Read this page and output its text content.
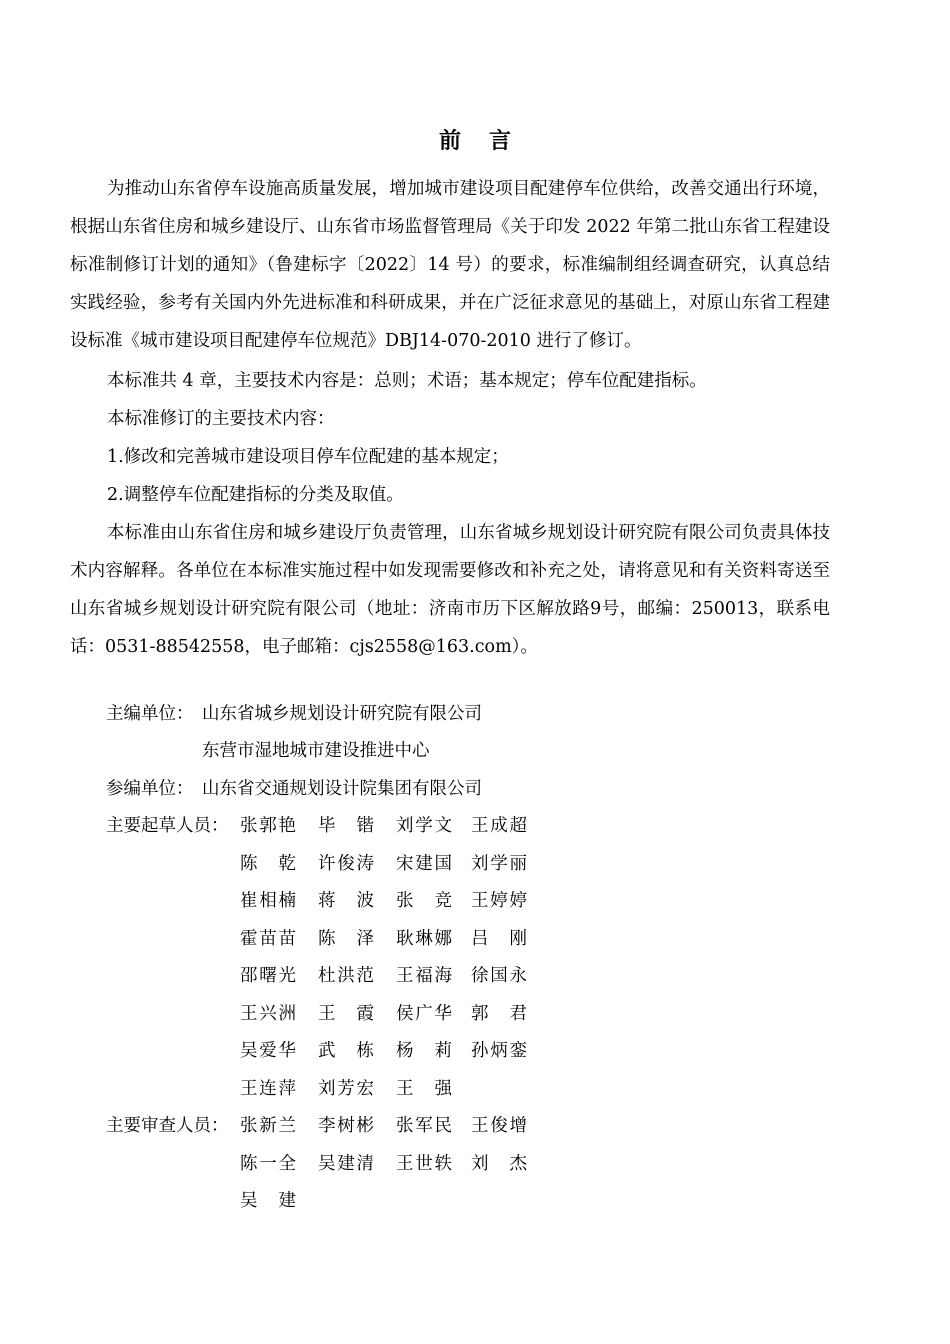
前言

为推动山东省停车设施高质量发展，增加城市建设项目配建停车位供给，改善交通出行环境，根据山东省住房和城乡建设厅、山东省市场监督管理局《关于印发 2022 年第二批山东省工程建设标准制修订计划的通知》（鲁建标字〔2022〕14 号）的要求，标准编制组经调查研究，认真总结实践经验，参考有关国内外先进标准和科研成果，并在广泛征求意见的基础上，对原山东省工程建设标准《城市建设项目配建停车位规范》DBJ14-070-2010 进行了修订。

本标准共 4 章，主要技术内容是：总则；术语；基本规定；停车位配建指标。

本标准修订的主要技术内容：

1.修改和完善城市建设项目停车位配建的基本规定；

2.调整停车位配建指标的分类及取值。

本标准由山东省住房和城乡建设厅负责管理，山东省城乡规划设计研究院有限公司负责具体技术内容解释。各单位在本标准实施过程中如发现需要修改和补充之处，请将意见和有关资料寄送至山东省城乡规划设计研究院有限公司（地址：济南市历下区解放路9号，邮编：250013，联系电话：0531-88542558，电子邮箱：cjs2558@163.com）。

主编单位： 山东省城乡规划设计研究院有限公司
东营市湿地城市建设推进中心
参编单位： 山东省交通规划设计院集团有限公司
主要起草人员： 张郭艳 毕 锴 刘学文 王成超
陈 乾 许俊涛 宋建国 刘学丽
崔相楠 蒋 波 张 竞 王婷婷
霍苗苗 陈 泽 耿琳娜 吕 刚
邵曙光 杜洪范 王福海 徐国永
王兴洲 王 霞 侯广华 郭 君
吴爱华 武 栋 杨 莉 孙炳銮
王连萍 刘芳宏 王 强
主要审查人员： 张新兰 李树彬 张军民 王俊增
陈一全 吴建清 王世轶 刘 杰
吴 建
